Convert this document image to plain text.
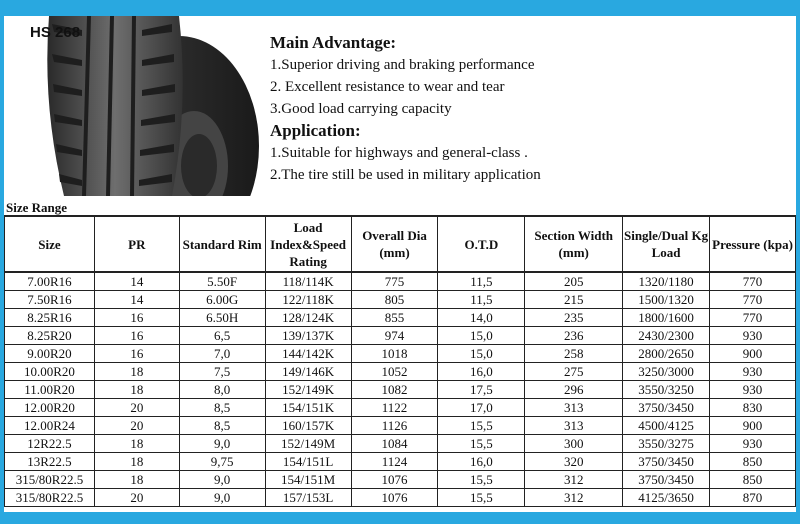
HS 268
Main Advantage:
1.Superior driving and braking performance
2. Excellent resistance to wear and tear
3.Good load carrying capacity
Application:
1.Suitable for highways and general-class .
2.The tire still be used in military application
Size Range
Size	PR	Standard Rim	Load Index&Speed Rating	Overall Dia (mm)	O.T.D	Section Width (mm)	Single/Dual Kg Load	Pressure (kpa)
7.00R16	14	5.50F	118/114K	775	11,5	205	1320/1180	770
7.50R16	14	6.00G	122/118K	805	11,5	215	1500/1320	770
8.25R16	16	6.50H	128/124K	855	14,0	235	1800/1600	770
8.25R20	16	6,5	139/137K	974	15,0	236	2430/2300	930
9.00R20	16	7,0	144/142K	1018	15,0	258	2800/2650	900
10.00R20	18	7,5	149/146K	1052	16,0	275	3250/3000	930
11.00R20	18	8,0	152/149K	1082	17,5	296	3550/3250	930
12.00R20	20	8,5	154/151K	1122	17,0	313	3750/3450	830
12.00R24	20	8,5	160/157K	1126	15,5	313	4500/4125	900
12R22.5	18	9,0	152/149M	1084	15,5	300	3550/3275	930
13R22.5	18	9,75	154/151L	1124	16,0	320	3750/3450	850
315/80R22.5	18	9,0	154/151M	1076	15,5	312	3750/3450	850
315/80R22.5	20	9,0	157/153L	1076	15,5	312	4125/3650	870
